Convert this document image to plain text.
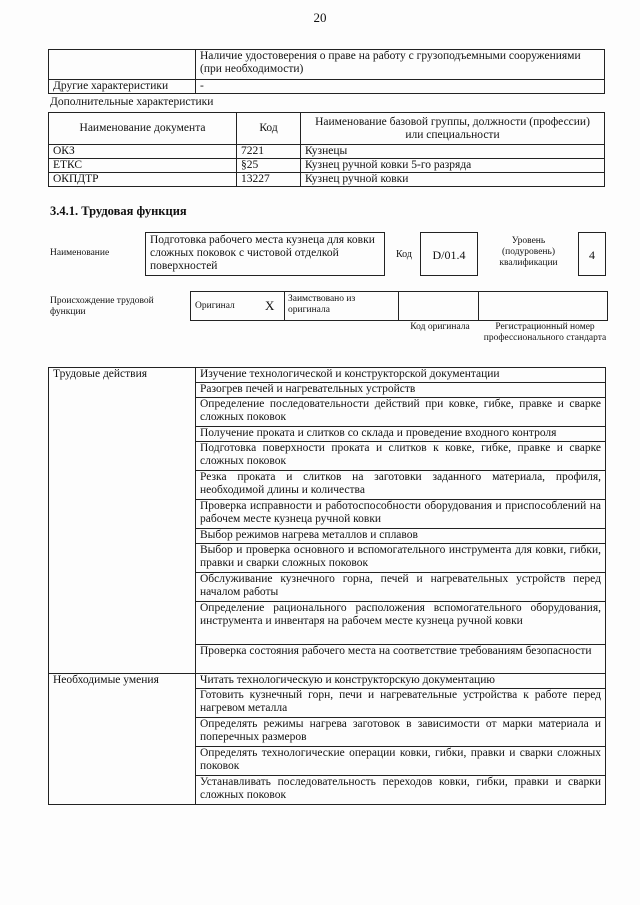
20
	Наличие удостоверения о праве на работу с грузоподъемными сооружениями (при необходимости)
Другие характеристики	-
Дополнительные характеристики
Наименование документа	Код	Наименование базовой группы, должности (профессии) или специальности
ОКЗ	7221	Кузнецы
ЕТКС	§25	Кузнец ручной ковки 5-го разряда
ОКПДТР	13227	Кузнец ручной ковки
3.4.1. Трудовая функция
Наименование
Подготовка рабочего места кузнеца для ковки сложных поковок с чистовой отделкой поверхностей
Код	D/01.4
Уровень (подуровень) квалификации
4
Происхождение трудовой функции
Оригинал X Заимствовано из оригинала
Код оригинала	Регистрационный номер профессионального стандарта
Трудовые действия	Изучение технологической и конструкторской документации
	Разогрев печей и нагревательных устройств
	Определение последовательности действий при ковке, гибке, правке и сварке сложных поковок
	Получение проката и слитков со склада и проведение входного контроля
	Подготовка поверхности проката и слитков к ковке, гибке, правке и сварке сложных поковок
	Резка проката и слитков на заготовки заданного материала, профиля, необходимой длины и количества
	Проверка исправности и работоспособности оборудования и приспособлений на рабочем месте кузнеца ручной ковки
	Выбор режимов нагрева металлов и сплавов
	Выбор и проверка основного и вспомогательного инструмента для ковки, гибки, правки и сварки сложных поковок
	Обслуживание кузнечного горна, печей и нагревательных устройств перед началом работы
	Определение рационального расположения вспомогательного оборудования, инструмента и инвентаря на рабочем месте кузнеца ручной ковки
	Проверка состояния рабочего места на соответствие требованиям безопасности
Необходимые умения	Читать технологическую и конструкторскую документацию
	Готовить кузнечный горн, печи и нагревательные устройства к работе перед нагревом металла
	Определять режимы нагрева заготовок в зависимости от марки материала и поперечных размеров
	Определять технологические операции ковки, гибки, правки и сварки сложных поковок
	Устанавливать последовательность переходов ковки, гибки, правки и сварки сложных поковок
